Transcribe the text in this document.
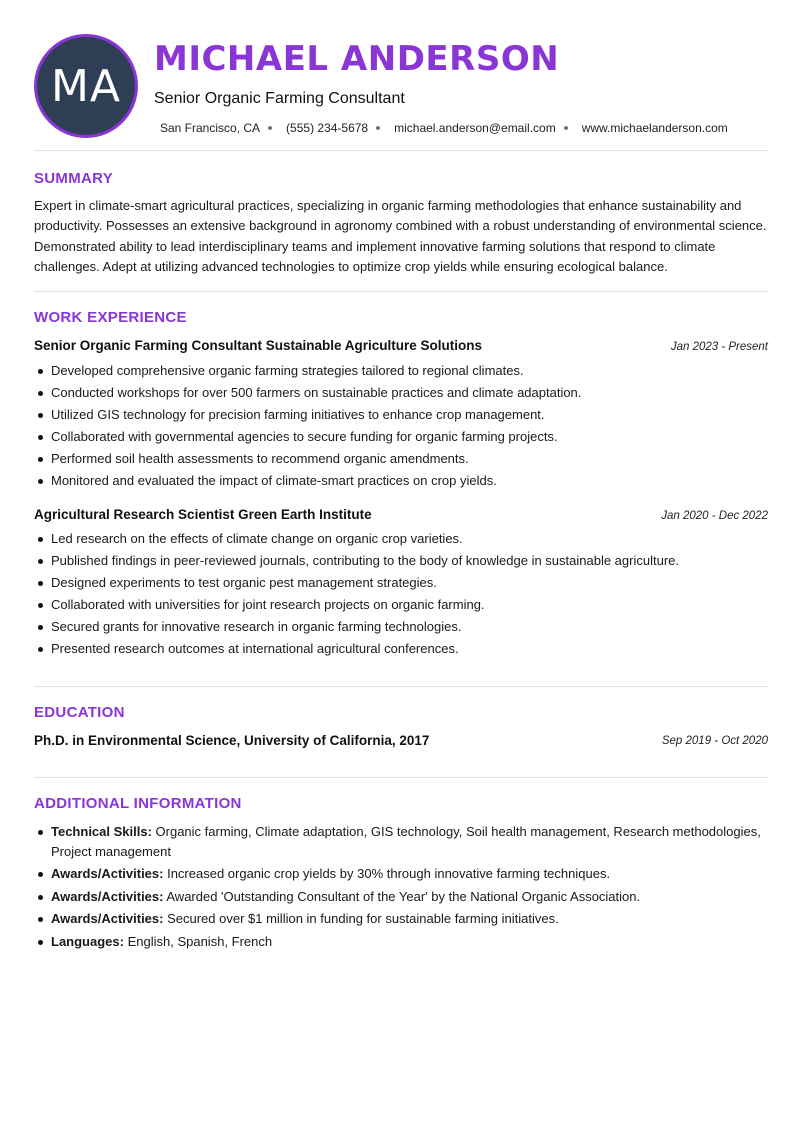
MA
MICHAEL ANDERSON
Senior Organic Farming Consultant
San Francisco, CA (555) 234-5678 michael.anderson@email.com www.michaelanderson.com
SUMMARY
Expert in climate-smart agricultural practices, specializing in organic farming methodologies that enhance sustainability and productivity. Possesses an extensive background in agronomy combined with a robust understanding of environmental science. Demonstrated ability to lead interdisciplinary teams and implement innovative farming solutions that respond to climate challenges. Adept at utilizing advanced technologies to optimize crop yields while ensuring ecological balance.
WORK EXPERIENCE
Senior Organic Farming Consultant Sustainable Agriculture Solutions	Jan 2023 - Present
Developed comprehensive organic farming strategies tailored to regional climates.
Conducted workshops for over 500 farmers on sustainable practices and climate adaptation.
Utilized GIS technology for precision farming initiatives to enhance crop management.
Collaborated with governmental agencies to secure funding for organic farming projects.
Performed soil health assessments to recommend organic amendments.
Monitored and evaluated the impact of climate-smart practices on crop yields.
Agricultural Research Scientist Green Earth Institute	Jan 2020 - Dec 2022
Led research on the effects of climate change on organic crop varieties.
Published findings in peer-reviewed journals, contributing to the body of knowledge in sustainable agriculture.
Designed experiments to test organic pest management strategies.
Collaborated with universities for joint research projects on organic farming.
Secured grants for innovative research in organic farming technologies.
Presented research outcomes at international agricultural conferences.
EDUCATION
Ph.D. in Environmental Science, University of California, 2017	Sep 2019 - Oct 2020
ADDITIONAL INFORMATION
Technical Skills: Organic farming, Climate adaptation, GIS technology, Soil health management, Research methodologies, Project management
Awards/Activities: Increased organic crop yields by 30% through innovative farming techniques.
Awards/Activities: Awarded 'Outstanding Consultant of the Year' by the National Organic Association.
Awards/Activities: Secured over $1 million in funding for sustainable farming initiatives.
Languages: English, Spanish, French
